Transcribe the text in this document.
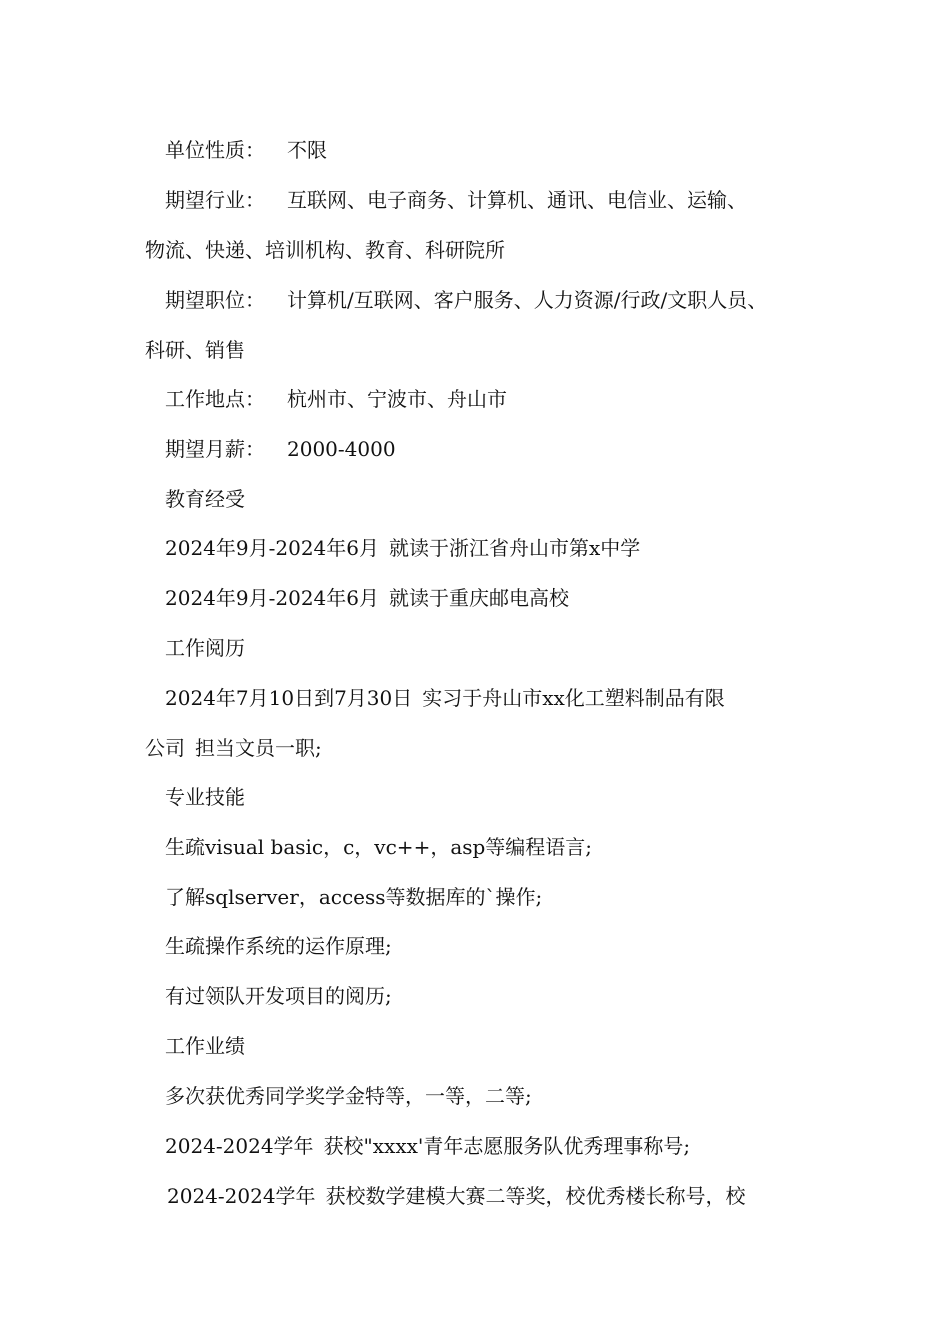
单位性质： 不限
期望行业： 互联网、电子商务、计算机、通讯、电信业、运输、
物流、快递、培训机构、教育、科研院所
期望职位： 计算机/互联网、客户服务、人力资源/行政/文职人员、
科研、销售
工作地点： 杭州市、宁波市、舟山市
期望月薪： 2000-4000
教育经受
2024年9月-2024年6月 就读于浙江省舟山市第x中学
2024年9月-2024年6月 就读于重庆邮电高校
工作阅历
2024年7月10日到7月30日 实习于舟山市xx化工塑料制品有限
公司 担当文员一职;
专业技能
生疏visual basic，c，vc++，asp等编程语言;
了解sqlserver，access等数据库的`操作;
生疏操作系统的运作原理;
有过领队开发项目的阅历;
工作业绩
多次获优秀同学奖学金特等，一等，二等;
2024-2024学年 获校"xxxx'青年志愿服务队优秀理事称号;
2024-2024学年 获校数学建模大赛二等奖，校优秀楼长称号，校
